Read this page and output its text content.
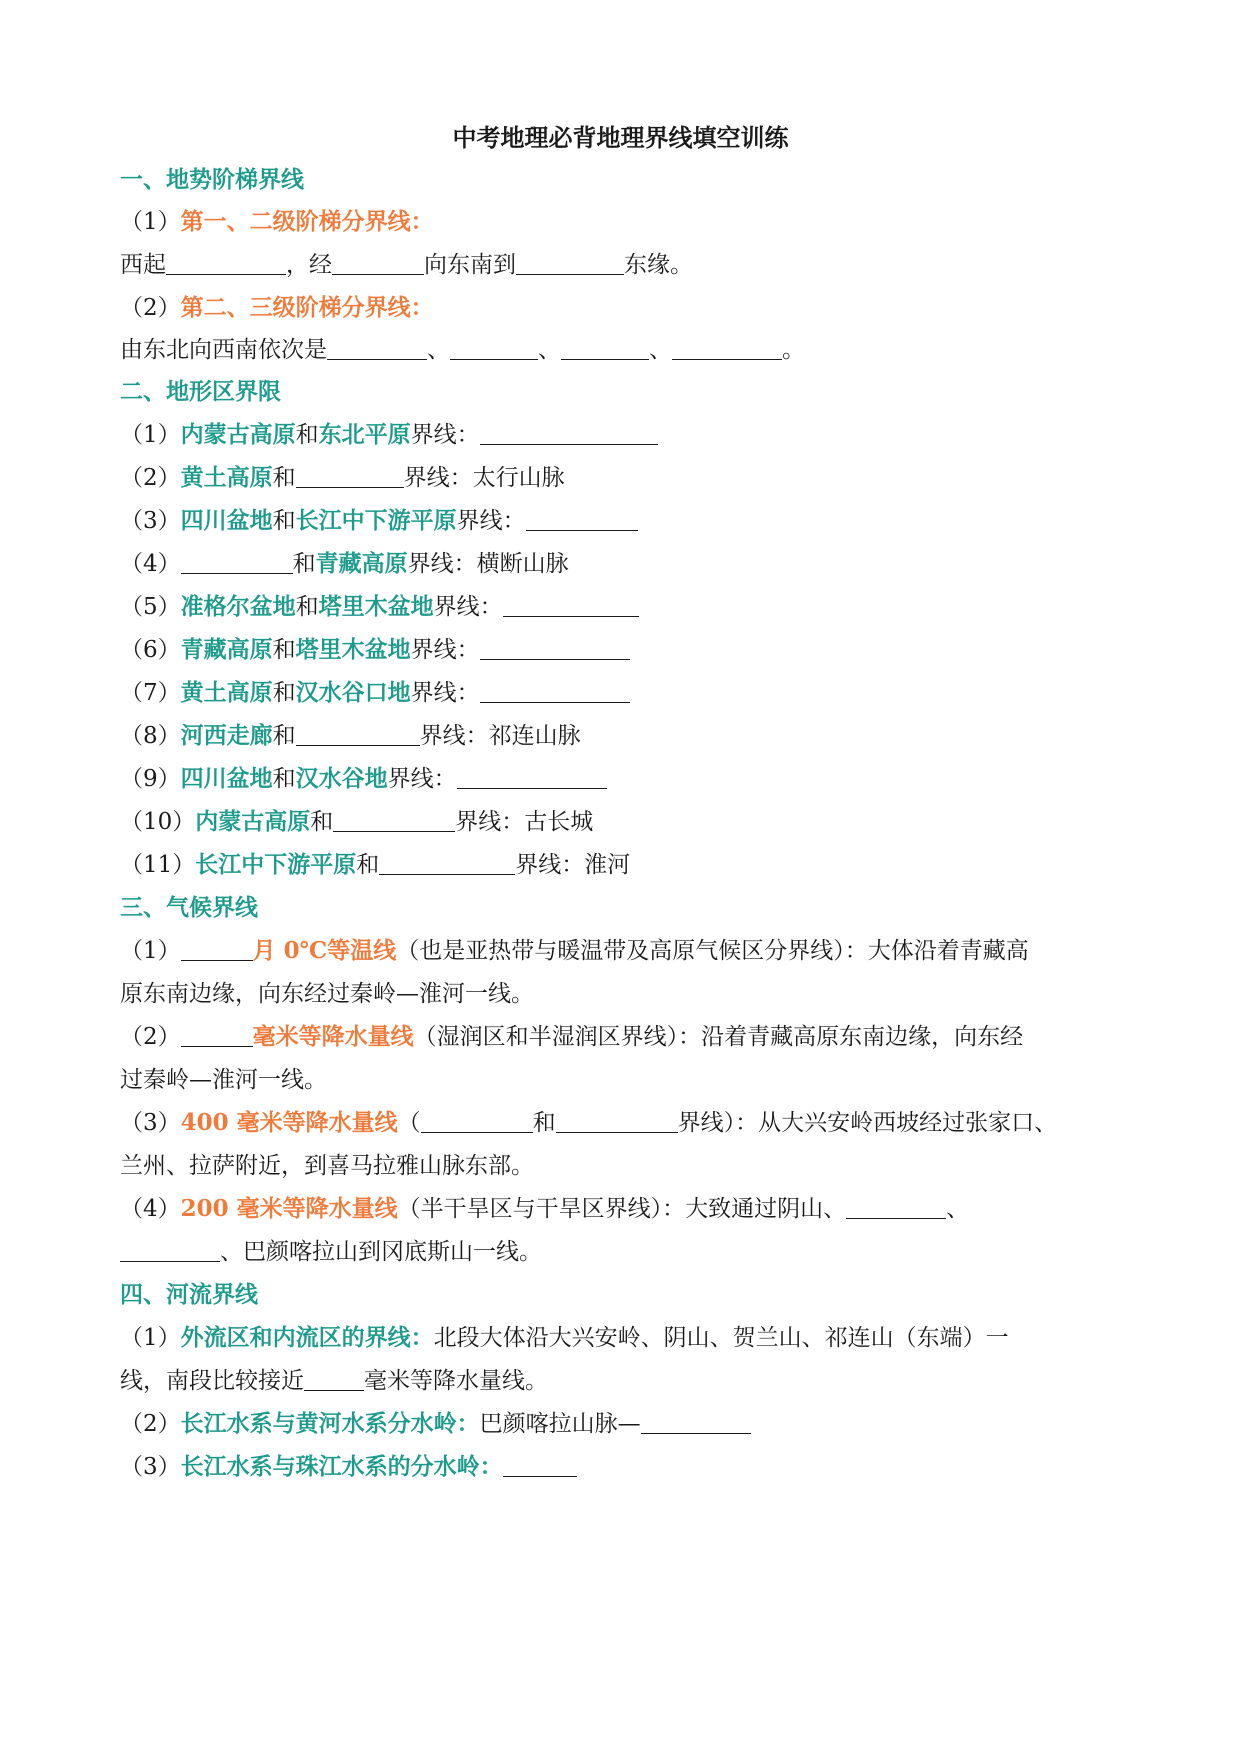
中考地理必背地理界线填空训练
一、地势阶梯界线
（1）第一、二级阶梯分界线：
西起	，经	向东南到	东缘。
（2）第二、三级阶梯分界线：
由东北向西南依次是	、	、	、	。
二、地形区界限
（1）内蒙古高原和东北平原界线：
（2）黄土高原和	界线：太行山脉
（3）四川盆地和长江中下游平原界线：
（4）	和青藏高原界线：横断山脉
（5）准格尔盆地和塔里木盆地界线：
（6）青藏高原和塔里木盆地界线：
（7）黄土高原和汉水谷口地界线：
（8）河西走廊和	界线：祁连山脉
（9）四川盆地和汉水谷地界线：
（10）内蒙古高原和	界线：古长城
（11）长江中下游平原和	界线：淮河
三、气候界线
（1）	月 0℃等温线（也是亚热带与暖温带及高原气候区分界线）：大体沿着青藏高
原东南边缘，向东经过秦岭—淮河一线。
（2）	毫米等降水量线（湿润区和半湿润区界线）：沿着青藏高原东南边缘，向东经
过秦岭—淮河一线。
（3）400 毫米等降水量线（	和	界线）：从大兴安岭西坡经过张家口、
兰州、拉萨附近，到喜马拉雅山脉东部。
（4）200 毫米等降水量线（半干旱区与干旱区界线）：大致通过阴山、	、
、巴颜喀拉山到冈底斯山一线。
四、河流界线
（1）外流区和内流区的界线：北段大体沿大兴安岭、阴山、贺兰山、祁连山（东端）一
线，南段比较接近	毫米等降水量线。
（2）长江水系与黄河水系分水岭：巴颜喀拉山脉—
（3）长江水系与珠江水系的分水岭：
